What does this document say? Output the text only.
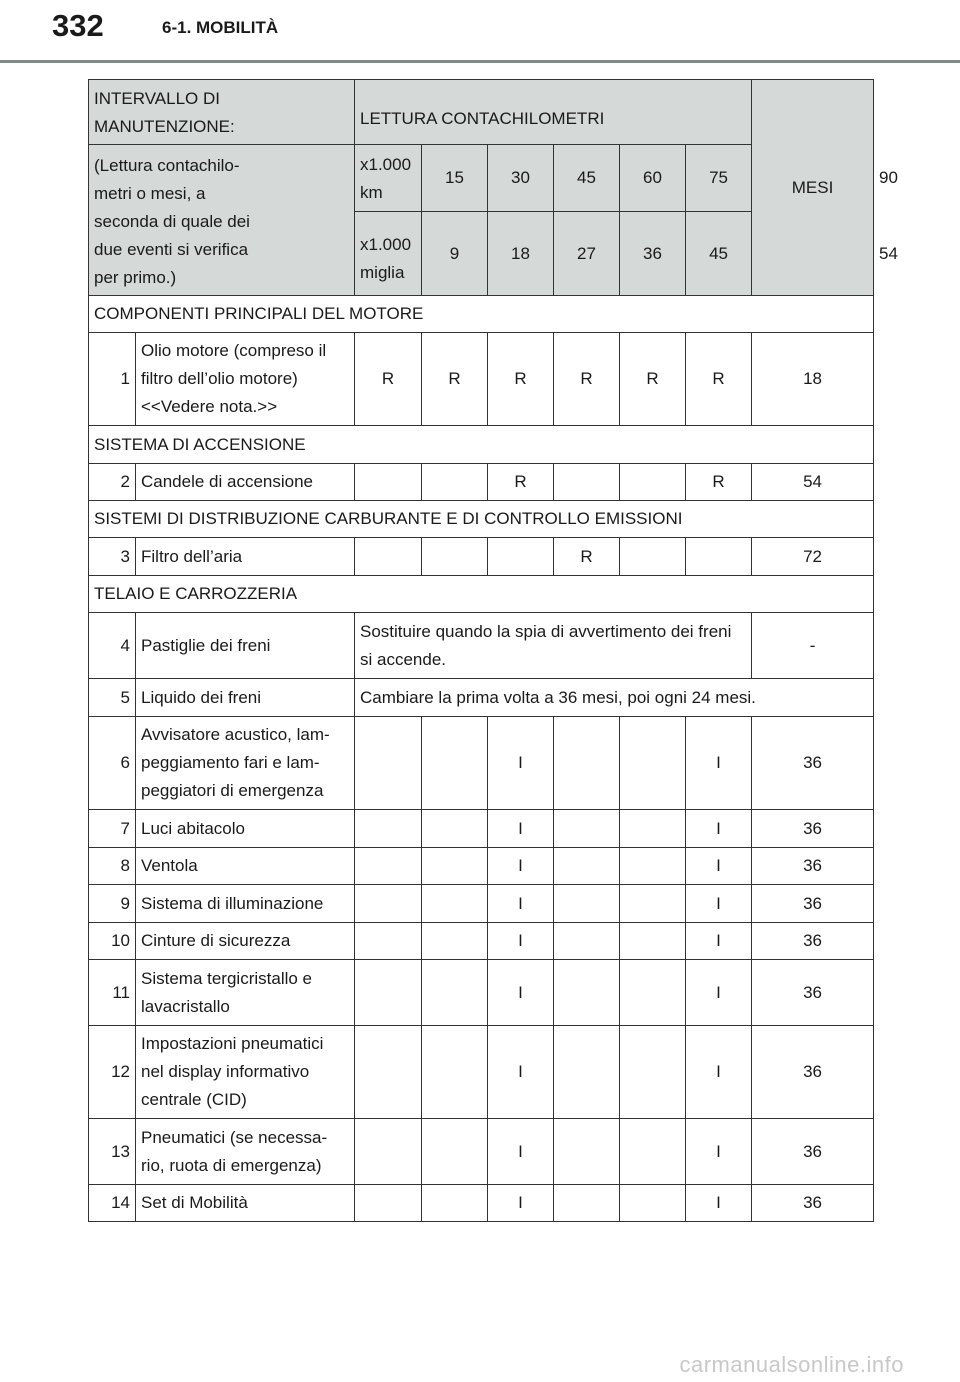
332	6-1. MOBILITÀ
INTERVALLO DI MANUTENZIONE:		LETTURA CONTACHILOMETRI						MESI	

(Lettura contachilo-metri o mesi, a seconda di quale dei due eventi si verifica per primo.)		x1.000 km	15	30	45	60	75		90

		x1.000 miglia	9	18	27	36	45		54
COMPONENTI PRINCIPALI DEL MOTORE									
1	Olio motore (compreso il filtro dell’olio motore) <<Vedere nota.>>	R	R	R	R	R	R	18	
SISTEMA DI ACCENSIONE									
2	Candele di accensione			R			R	54	
SISTEMI DI DISTRIBUZIONE CARBURANTE E DI CONTROLLO EMISSIONI									
3	Filtro dell’aria				R			72	
TELAIO E CARROZZERIA									
4	Pastiglie dei freni	Sostituire quando la spia di avvertimento dei freni si accende.						-	
5	Liquido dei freni	Cambiare la prima volta a 36 mesi, poi ogni 24 mesi.							
6	Avvisatore acustico, lam-peggiamento fari e lam-peggiatori di emergenza			I			I	36	
7	Luci abitacolo			I			I	36	
8	Ventola			I			I	36	
9	Sistema di illuminazione			I			I	36	
10	Cinture di sicurezza			I			I	36	
11	Sistema tergicristallo e lavacristallo			I			I	36	
12	Impostazioni pneumatici nel display informativo centrale (CID)			I			I	36	
13	Pneumatici (se necessa-rio, ruota di emergenza)			I			I	36	
14	Set di Mobilità			I			I	36	
carmanualsonline.info
